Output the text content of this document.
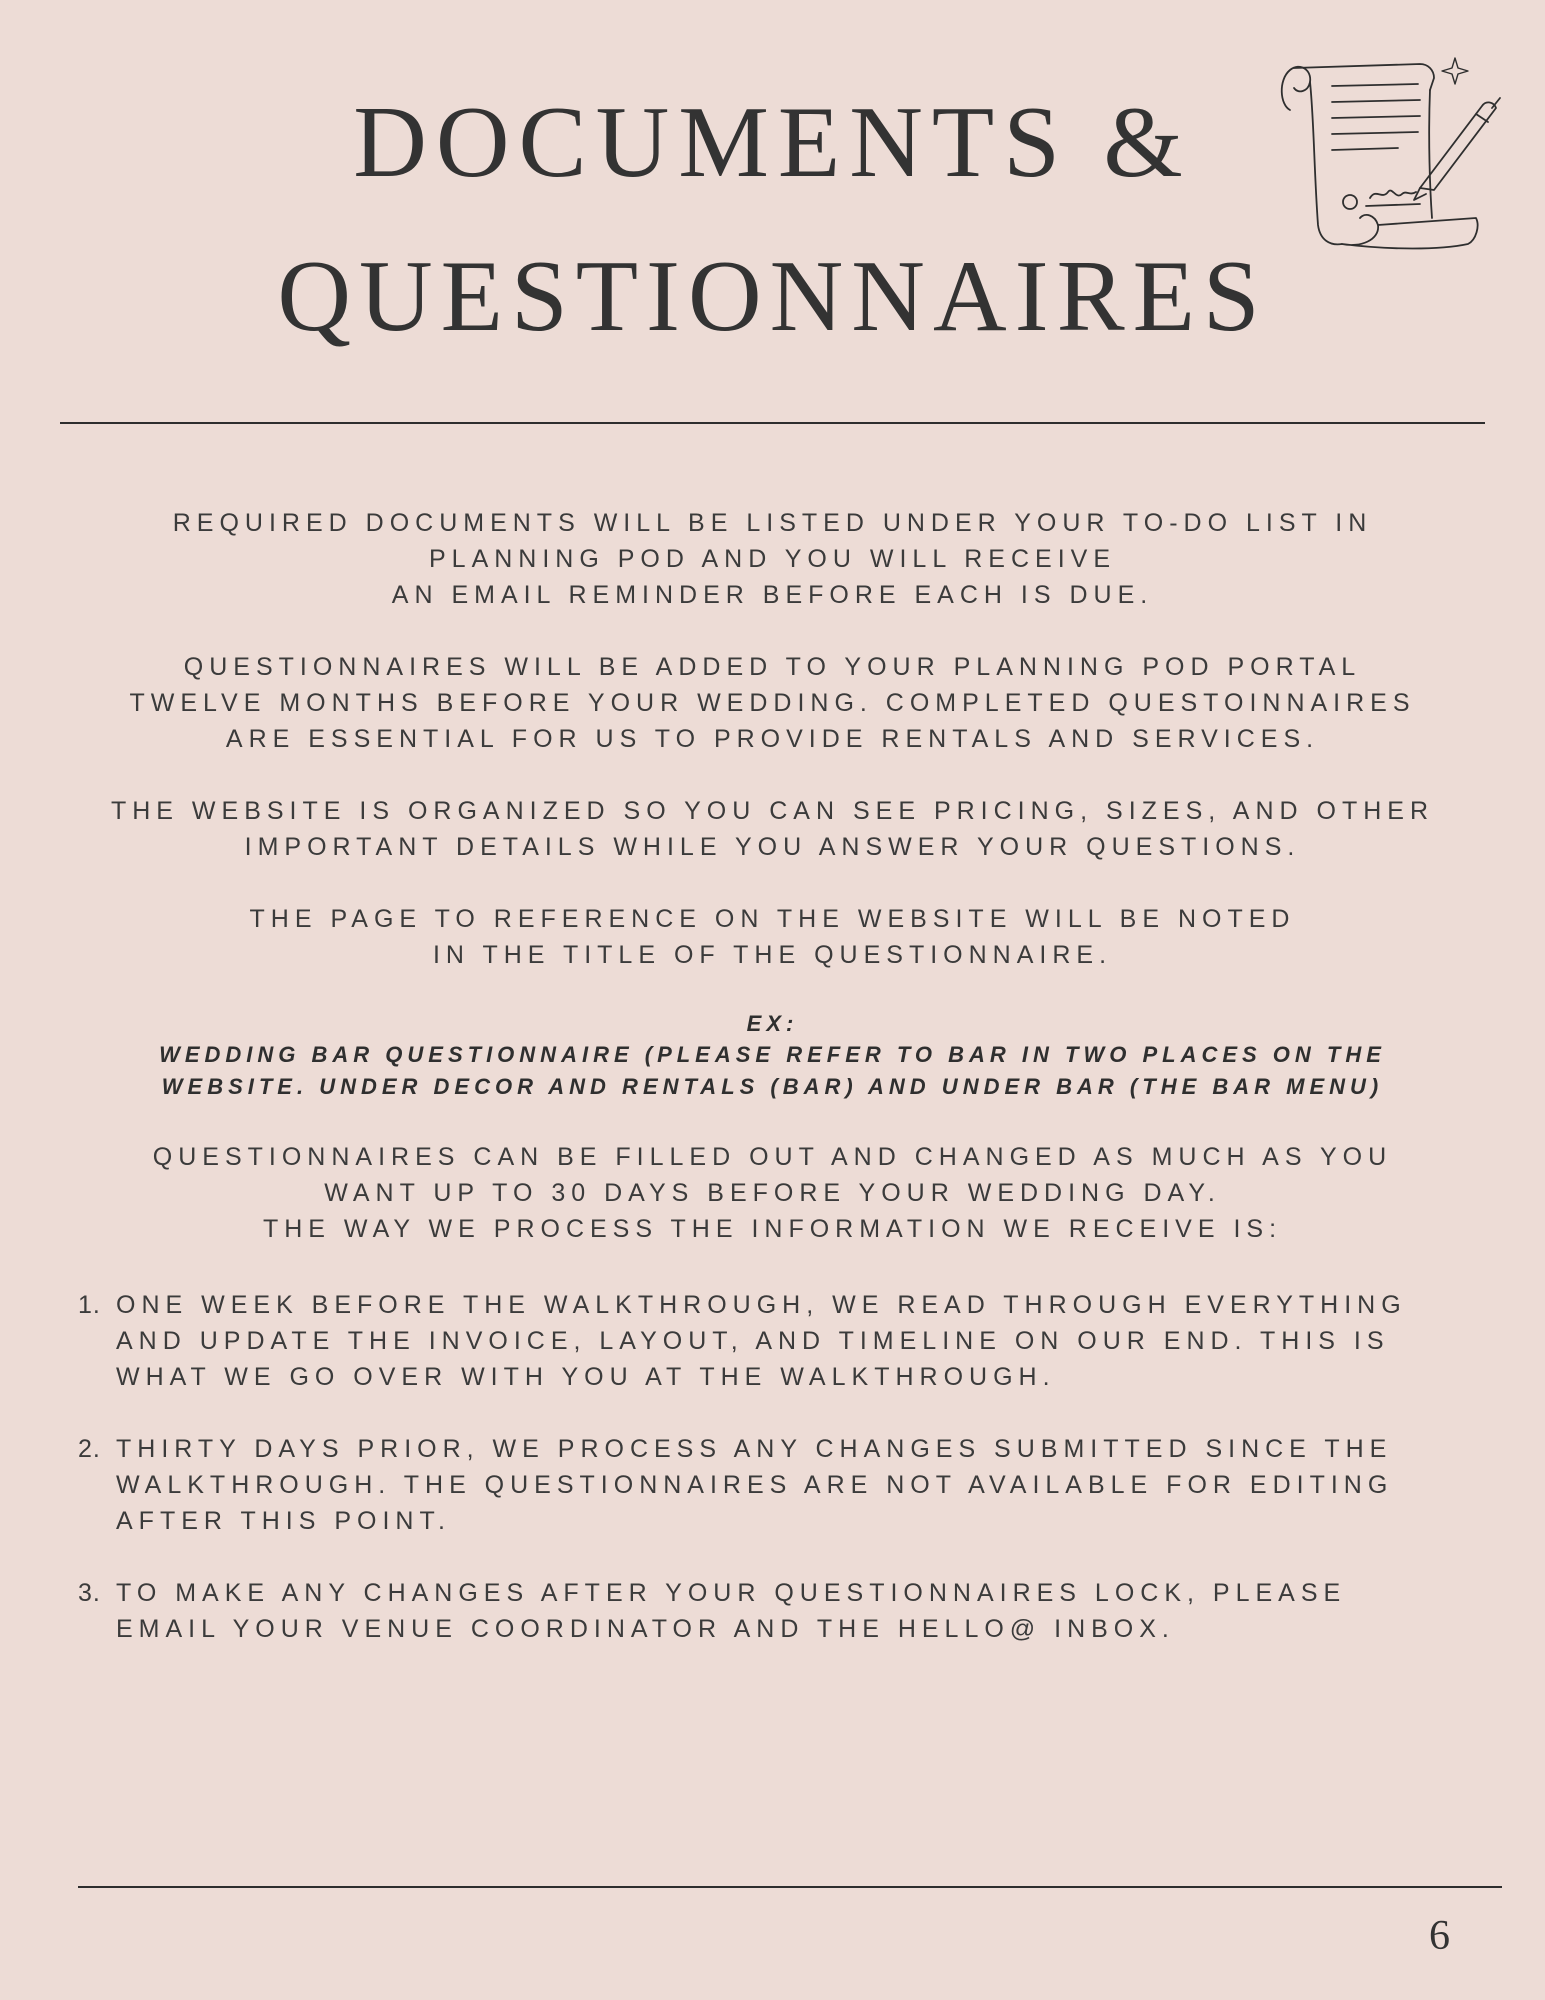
DOCUMENTS &
QUESTIONNAIRES

REQUIRED DOCUMENTS WILL BE LISTED UNDER YOUR TO-DO LIST IN
PLANNING POD AND YOU WILL RECEIVE
AN EMAIL REMINDER BEFORE EACH IS DUE.

QUESTIONNAIRES WILL BE ADDED TO YOUR PLANNING POD PORTAL
TWELVE MONTHS BEFORE YOUR WEDDING. COMPLETED QUESTOINNAIRES
ARE ESSENTIAL FOR US TO PROVIDE RENTALS AND SERVICES.

THE WEBSITE IS ORGANIZED SO YOU CAN SEE PRICING, SIZES, AND OTHER
IMPORTANT DETAILS WHILE YOU ANSWER YOUR QUESTIONS.

THE PAGE TO REFERENCE ON THE WEBSITE WILL BE NOTED
IN THE TITLE OF THE QUESTIONNAIRE.

EX:
WEDDING BAR QUESTIONNAIRE (PLEASE REFER TO BAR IN TWO PLACES ON THE
WEBSITE. UNDER DECOR AND RENTALS (BAR) AND UNDER BAR (THE BAR MENU)

QUESTIONNAIRES CAN BE FILLED OUT AND CHANGED AS MUCH AS YOU
WANT UP TO 30 DAYS BEFORE YOUR WEDDING DAY.
THE WAY WE PROCESS THE INFORMATION WE RECEIVE IS:

1. ONE WEEK BEFORE THE WALKTHROUGH, WE READ THROUGH EVERYTHING
AND UPDATE THE INVOICE, LAYOUT, AND TIMELINE ON OUR END. THIS IS
WHAT WE GO OVER WITH YOU AT THE WALKTHROUGH.
2. THIRTY DAYS PRIOR, WE PROCESS ANY CHANGES SUBMITTED SINCE THE
WALKTHROUGH. THE QUESTIONNAIRES ARE NOT AVAILABLE FOR EDITING
AFTER THIS POINT.
3. TO MAKE ANY CHANGES AFTER YOUR QUESTIONNAIRES LOCK, PLEASE
EMAIL YOUR VENUE COORDINATOR AND THE HELLO@ INBOX.
6
